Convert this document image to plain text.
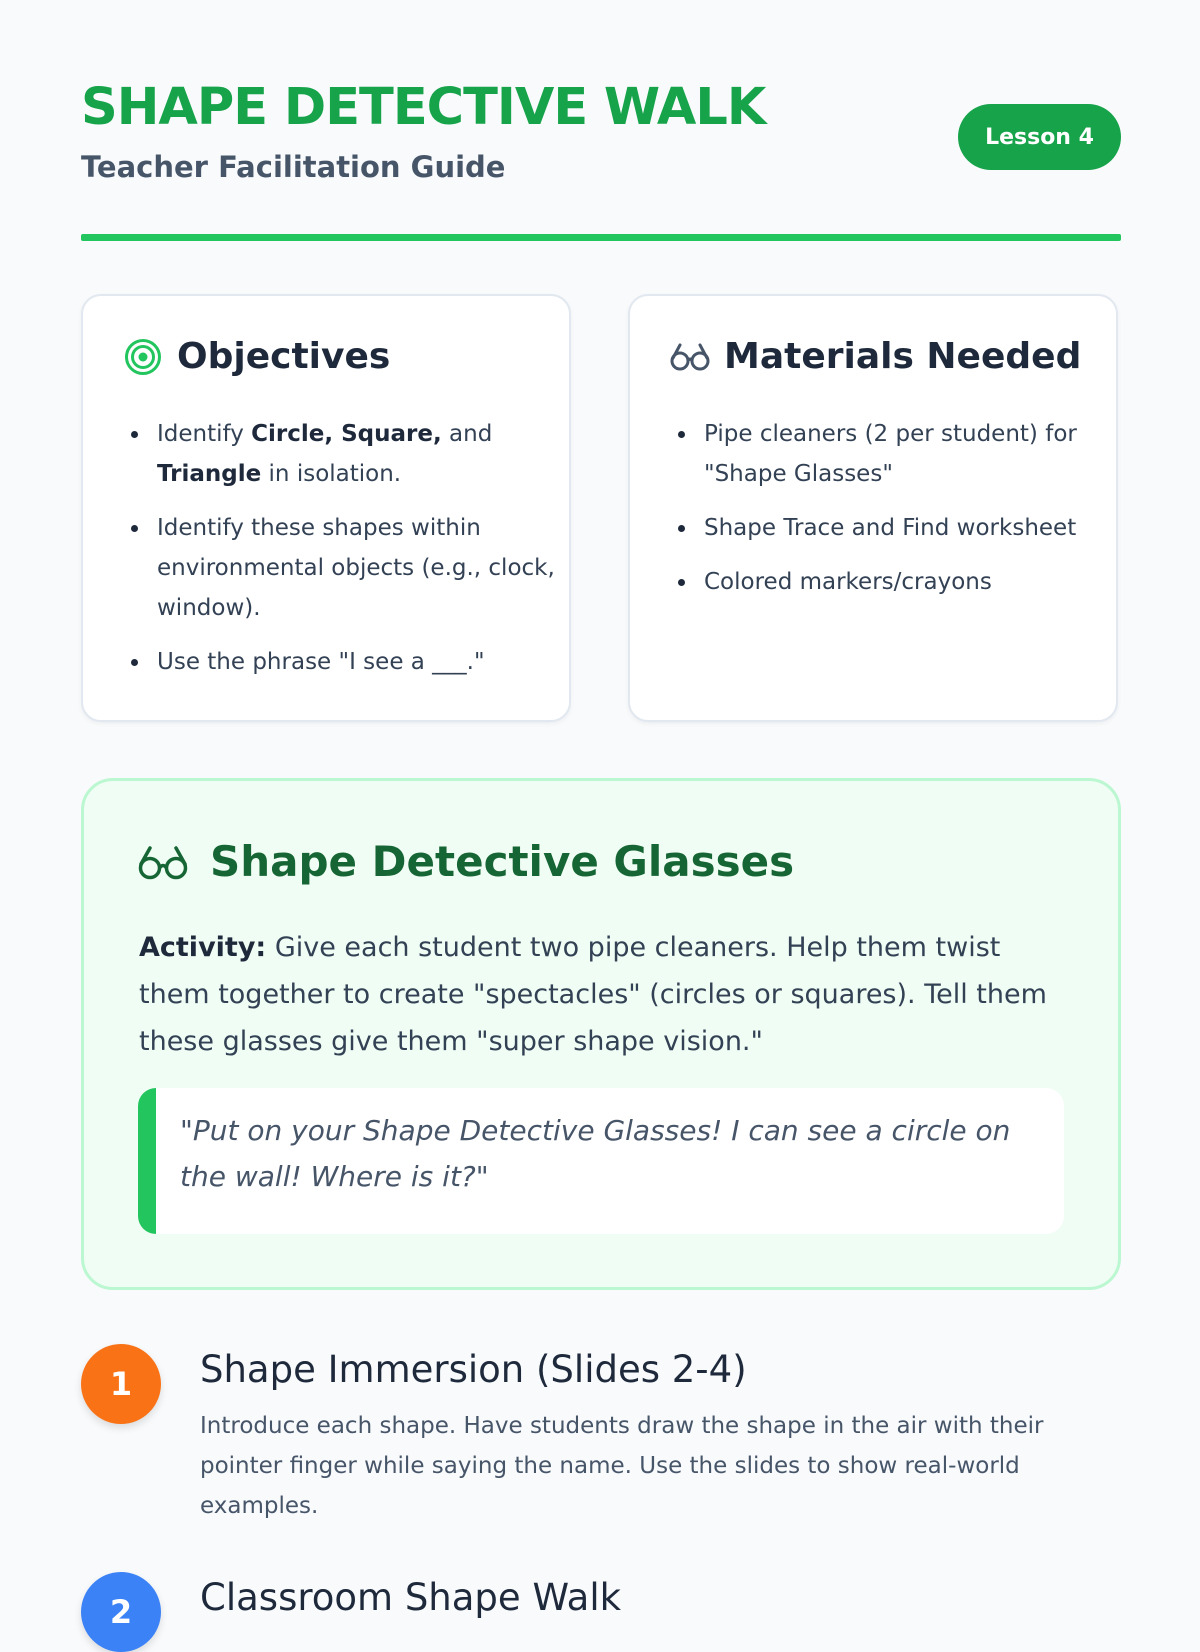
SHAPE DETECTIVE WALK
Teacher Facilitation Guide
Lesson 4
Objectives
Identify Circle, Square, and Triangle in isolation.
Identify these shapes within environmental objects (e.g., clock, window).
Use the phrase "I see a ___."
Materials Needed
Pipe cleaners (2 per student) for "Shape Glasses"
Shape Trace and Find worksheet
Colored markers/crayons
Shape Detective Glasses

Activity: Give each student two pipe cleaners. Help them twist them together to create "spectacles" (circles or squares). Tell them these glasses give them "super shape vision."

"Put on your Shape Detective Glasses! I can see a circle on the wall! Where is it?"
1	Shape Immersion (Slides 2-4)

Introduce each shape. Have students draw the shape in the air with their pointer finger while saying the name. Use the slides to show real-world examples.

2	Classroom Shape Walk
